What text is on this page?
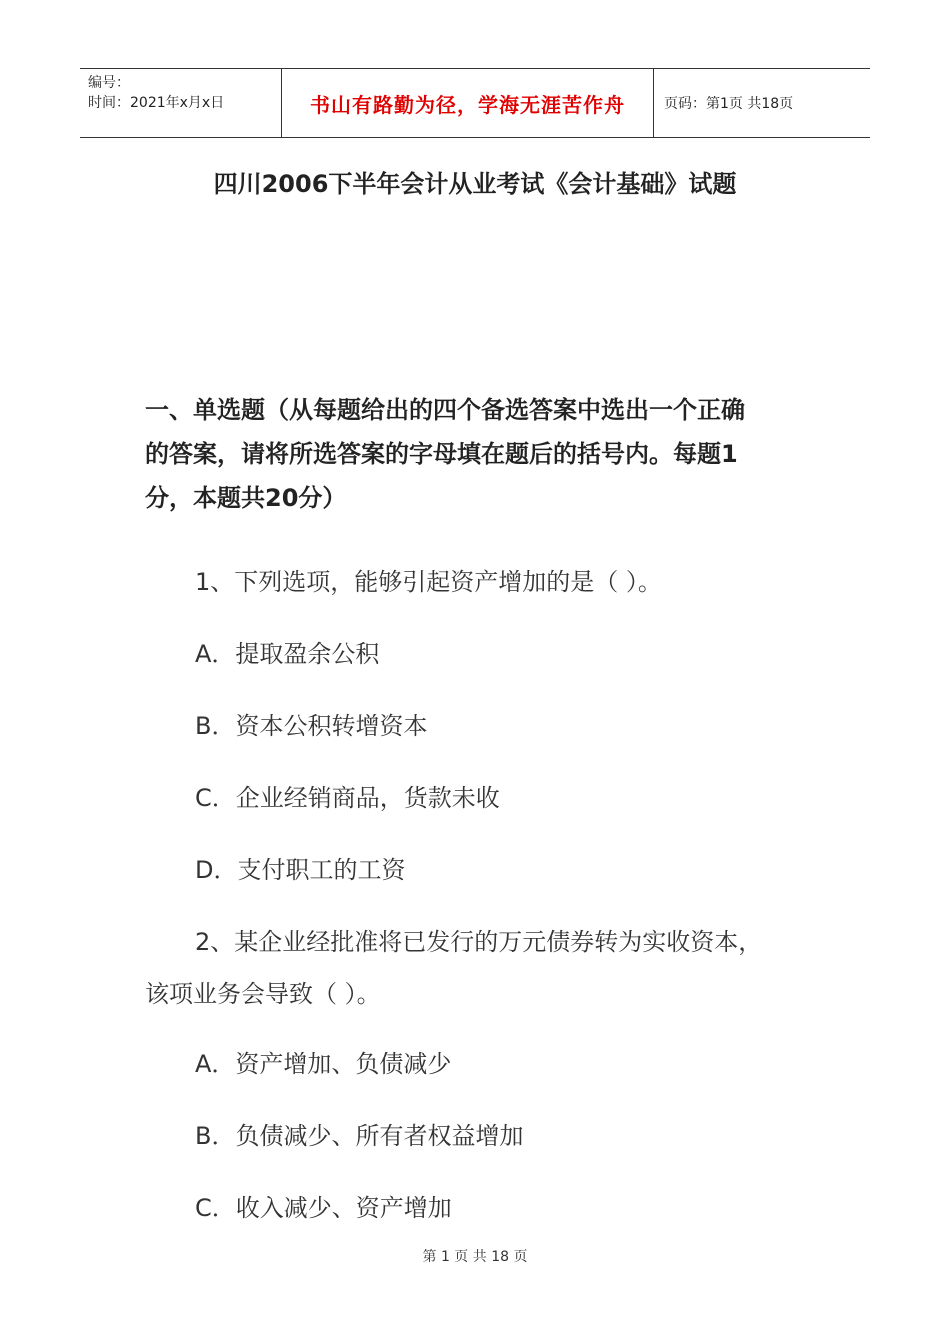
编号：
时间：2021年x月x日	书山有路勤为径，学海无涯苦作舟	页码：第1页 共18页
四川2006下半年会计从业考试《会计基础》试题
一、单选题（从每题给出的四个备选答案中选出一个正确
的答案，请将所选答案的字母填在题后的括号内。每题1
分，本题共20分）
1、下列选项，能够引起资产增加的是（ ）。
A．提取盈余公积
B．资本公积转增资本
C．企业经销商品，货款未收
D．支付职工的工资
2、某企业经批准将已发行的万元债券转为实收资本，
该项业务会导致（ ）。
A．资产增加、负债减少
B．负债减少、所有者权益增加
C．收入减少、资产增加
第 1 页 共 18 页
